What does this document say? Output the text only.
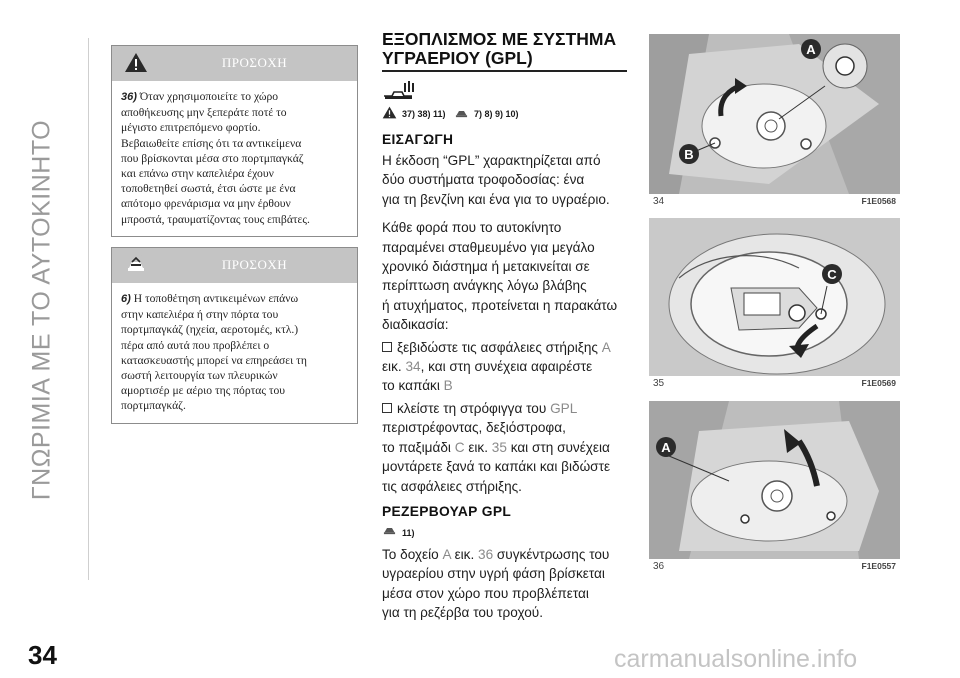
ΓΝΩΡΙΜΙΑ ΜΕ ΤΟ ΑΥΤΟΚΙΝΗΤΟ
34	carmanualsonline.info
ΠΡΟΣΟΧΗ
36) Όταν χρησιμοποιείτε το χώρο
αποθήκευσης μην ξεπεράτε ποτέ το
μέγιστο επιτρεπόμενο φορτίο.
Βεβαιωθείτε επίσης ότι τα αντικείμενα
που βρίσκονται μέσα στο πορτμπαγκάζ
και επάνω στην καπελιέρα έχουν
τοποθετηθεί σωστά, έτσι ώστε με ένα
απότομο φρενάρισμα να μην έρθουν
μπροστά, τραυματίζοντας τους επιβάτες.
ΠΡΟΣΟΧΗ
6) Η τοποθέτηση αντικειμένων επάνω
στην καπελιέρα ή στην πόρτα του
πορτμπαγκάζ (ηχεία, αεροτομές, κτλ.)
πέρα από αυτά που προβλέπει ο
κατασκευαστής μπορεί να επηρεάσει τη
σωστή λειτουργία των πλευρικών
αμορτισέρ με αέριο της πόρτας του
πορτμπαγκάζ.
ΕΞΟΠΛΙΣΜΟΣ ΜΕ ΣΥΣΤΗΜΑ
ΥΓΡΑΕΡΙΟΥ (GPL)
37) 38) 11)	7) 8) 9) 10)
ΕΙΣΑΓΩΓΗ
Η έκδοση “GPL” χαρακτηρίζεται από
δύο συστήματα τροφοδοσίας: ένα
για τη βενζίνη και ένα για το υγραέριο.
Κάθε φορά που το αυτοκίνητο
παραμένει σταθμευμένο για μεγάλο
χρονικό διάστημα ή μετακινείται σε
περίπτωση ανάγκης λόγω βλάβης
ή ατυχήματος, προτείνεται η παρακάτω
διαδικασία:
ξεβιδώστε τις ασφάλειες στήριξης A
εικ. 34, και στη συνέχεια αφαιρέστε
το καπάκι B
κλείστε τη στρόφιγγα του GPL
περιστρέφοντας, δεξιόστροφα,
το παξιμάδι C εικ. 35 και στη συνέχεια
μοντάρετε ξανά το καπάκι και βιδώστε
τις ασφάλειες στήριξης.
ΡΕΖΕΡΒΟΥΑΡ GPL
11)
Το δοχείο A εικ. 36 συγκέντρωσης του
υγραερίου στην υγρή φάση βρίσκεται
μέσα στον χώρο που προβλέπεται
για τη ρεζέρβα του τροχού.
A
B
34	F1E0568
C
35	F1E0569
A
36	F1E0557
